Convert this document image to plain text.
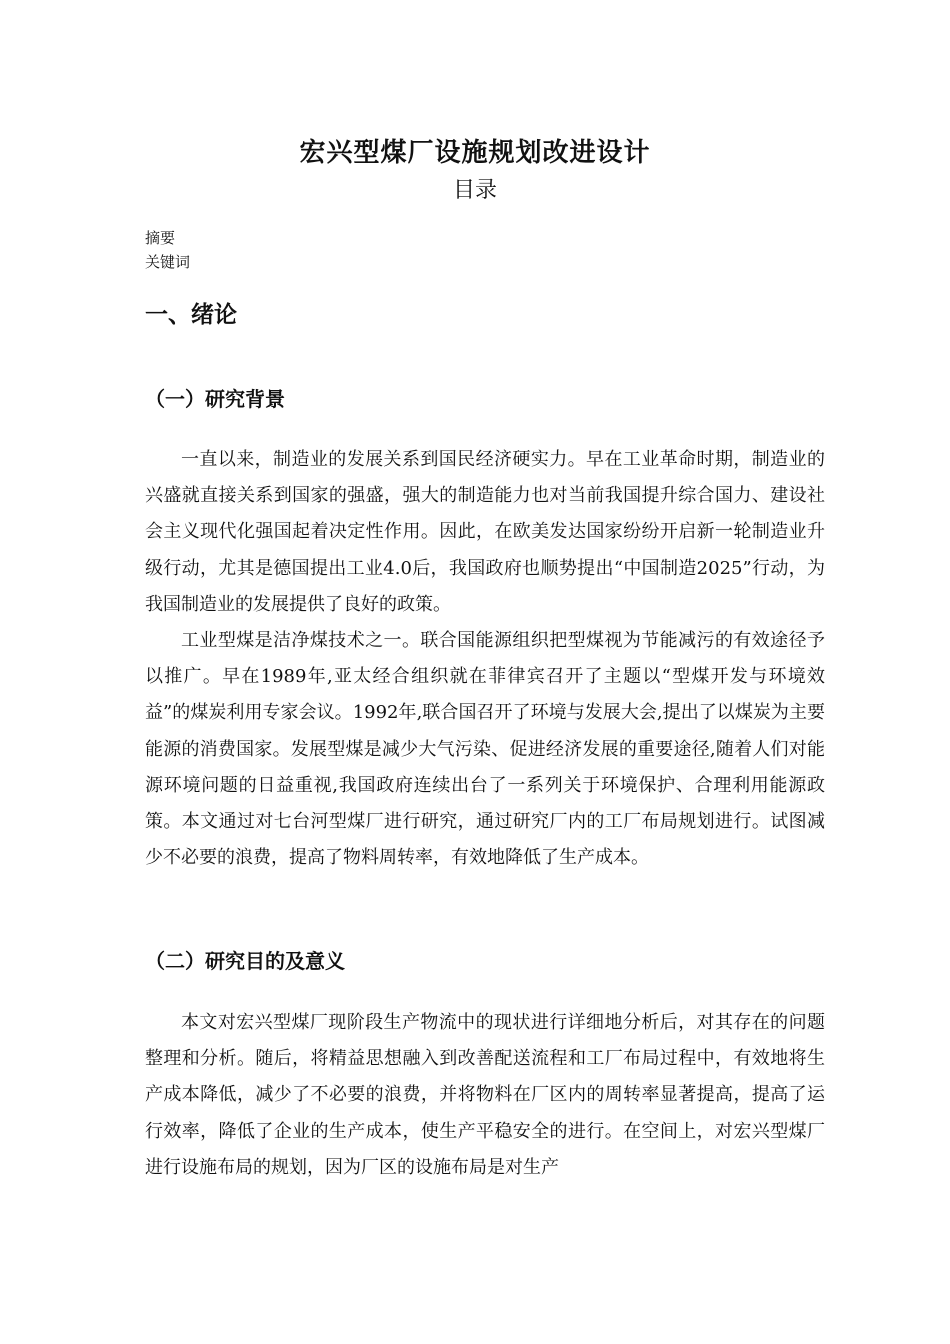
宏兴型煤厂设施规划改进设计
目录
摘要
关键词
一、绪论
（一）研究背景

一直以来，制造业的发展关系到国民经济硬实力。早在工业革命时期，制造业的兴盛就直接关系到国家的强盛，强大的制造能力也对当前我国提升综合国力、建设社会主义现代化强国起着决定性作用。因此，在欧美发达国家纷纷开启新一轮制造业升级行动，尤其是德国提出工业4.0后，我国政府也顺势提出“中国制造2025”行动，为我国制造业的发展提供了良好的政策。

工业型煤是洁净煤技术之一。联合国能源组织把型煤视为节能减污的有效途径予以推广。早在1989年,亚太经合组织就在菲律宾召开了主题以“型煤开发与环境效益”的煤炭利用专家会议。1992年,联合国召开了环境与发展大会,提出了以煤炭为主要能源的消费国家。发展型煤是减少大气污染、促进经济发展的重要途径,随着人们对能源环境问题的日益重视,我国政府连续出台了一系列关于环境保护、合理利用能源政策。本文通过对七台河型煤厂进行研究，通过研究厂内的工厂布局规划进行。试图减少不必要的浪费，提高了物料周转率，有效地降低了生产成本。

（二）研究目的及意义

本文对宏兴型煤厂现阶段生产物流中的现状进行详细地分析后，对其存在的问题整理和分析。随后，将精益思想融入到改善配送流程和工厂布局过程中，有效地将生产成本降低，减少了不必要的浪费，并将物料在厂区内的周转率显著提高，提高了运行效率，降低了企业的生产成本，使生产平稳安全的进行。在空间上，对宏兴型煤厂进行设施布局的规划，因为厂区的设施布局是对生产
